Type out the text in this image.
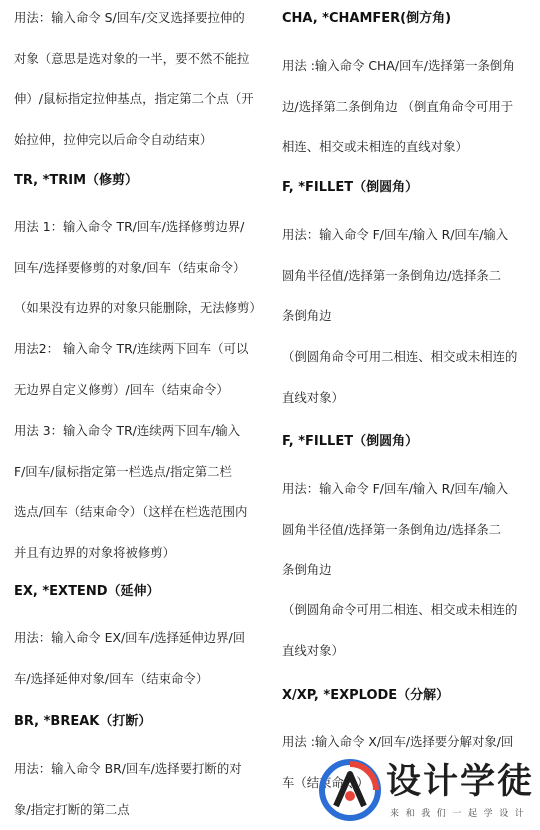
用法：输入命令 S/回车/交叉选择要拉伸的
对象（意思是选对象的一半，要不然不能拉
伸）/鼠标指定拉伸基点，指定第二个点（开
始拉伸，拉伸完以后命令自动结束）
TR, *TRIM（修剪）
用法 1：输入命令 TR/回车/选择修剪边界/
回车/选择要修剪的对象/回车（结束命令）
（如果没有边界的对象只能删除，无法修剪）
用法2： 输入命令 TR/连续两下回车（可以
无边界自定义修剪）/回车（结束命令）
用法 3：输入命令 TR/连续两下回车/输入
F/回车/鼠标指定第一栏选点/指定第二栏
选点/回车（结束命令）（这样在栏选范围内
并且有边界的对象将被修剪）
EX, *EXTEND（延伸）
用法：输入命令 EX/回车/选择延伸边界/回
车/选择延伸对象/回车（结束命令）
BR, *BREAK（打断）
用法：输入命令 BR/回车/选择要打断的对
象/指定打断的第二点
CHA, *CHAMFER(倒方角)
用法 :输入命令 CHA/回车/选择第一条倒角
边/选择第二条倒角边 （倒直角命令可用于
相连、相交或未相连的直线对象）
F, *FILLET（倒圆角）
用法：输入命令 F/回车/输入 R/回车/输入
圆角半径值/选择第一条倒角边/选择条二
条倒角边
（倒圆角命令可用二相连、相交或未相连的
直线对象）
F, *FILLET（倒圆角）
用法：输入命令 F/回车/输入 R/回车/输入
圆角半径值/选择第一条倒角边/选择条二
条倒角边
（倒圆角命令可用二相连、相交或未相连的
直线对象）
X/XP, *EXPLODE（分解）
用法 :输入命令 X/回车/选择要分解对象/回
车（结束命令） 设计学徒
来和我们一起学设计
